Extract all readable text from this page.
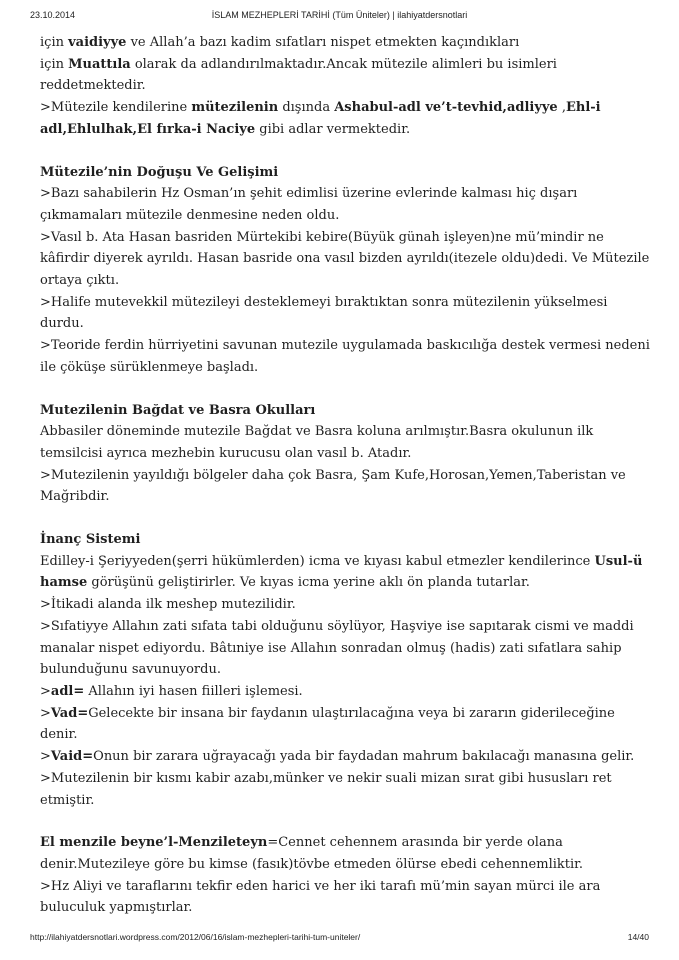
23.10.2014	İSLAM MEZHEPLERİ TARİHİ (Tüm Üniteler) | ilahiyatdersnotlari

için vaidiyye ve Allah’a bazı kadim sıfatları nispet etmekten kaçındıkları
için Muattıla olarak da adlandırılmaktadır.Ancak mütezile alimleri bu isimleri
reddetmektedir.

>Mütezile kendilerine mütezilenin dışında Ashabul-adl ve’t-tevhid,adliyye ,Ehl-i
adl,Ehlulhak,El fırka-i Naciye gibi adlar vermektedir.

Mütezile’nin Doğuşu Ve Gelişimi

>Bazı sahabilerin Hz Osman’ın şehit edimlisi üzerine evlerinde kalması hiç dışarı çıkmamaları mütezile denmesine neden oldu.

>Vasıl b. Ata Hasan basriden Mürtekibi kebire(Büyük günah işleyen)ne mü’mindir ne kâfirdir diyerek ayrıldı. Hasan basride ona vasıl bizden ayrıldı(itezele oldu)dedi. Ve Mütezile ortaya çıktı.

>Halife mutevekkil mütezileyi desteklemeyi bıraktıktan sonra mütezilenin yükselmesi durdu.

>Teoride ferdin hürriyetini savunan mutezile uygulamada baskıcılığa destek vermesi nedeni ile çöküşe sürüklenmeye başladı.

Mutezilenin Bağdat ve Basra Okulları

Abbasiler döneminde mutezile Bağdat ve Basra koluna arılmıştır.Basra okulunun ilk temsilcisi ayrıca mezhebin kurucusu olan vasıl b. Atadır.

>Mutezilenin yayıldığı bölgeler daha çok Basra, Şam Kufe,Horosan,Yemen,Taberistan ve Mağribdir.

İnanç Sistemi

Edilley-i Şeriyyeden(şerri hükümlerden) icma ve kıyası kabul etmezler kendilerince Usul-ü hamse görüşünü geliştirirler. Ve kıyas icma yerine aklı ön planda tutarlar.

>İtikadi alanda ilk meshep mutezilidir.

>Sıfatiyye Allahın zati sıfata tabi olduğunu söylüyor, Haşviye ise sapıtarak cismi ve maddi manalar nispet ediyordu. Bâtıniye ise Allahın sonradan olmuş (hadis) zati sıfatlara sahip bulunduğunu savunuyordu.

>adl= Allahın iyi hasen fiilleri işlemesi.

>Vad=Gelecekte bir insana bir faydanın ulaştırılacağına veya bi zararın giderileceğine denir.

>Vaid=Onun bir zarara uğrayacağı yada bir faydadan mahrum bakılacağı manasına gelir.

>Mutezilenin bir kısmı kabir azabı,münker ve nekir suali mizan sırat gibi hususları ret etmiştir.

El menzile beyne’l-Menzileteyn=Cennet cehennem arasında bir yerde olana denir.Mutezileye göre bu kimse (fasık)tövbe etmeden ölürse ebedi cehennemliktir.

>Hz Aliyi ve taraflarını tekfir eden harici ve her iki tarafı mü’min sayan mürci ile ara buluculuk yapmıştırlar.

http://ilahiyatdersnotlari.wordpress.com/2012/06/16/islam-mezhepleri-tarihi-tum-uniteler/	14/40
